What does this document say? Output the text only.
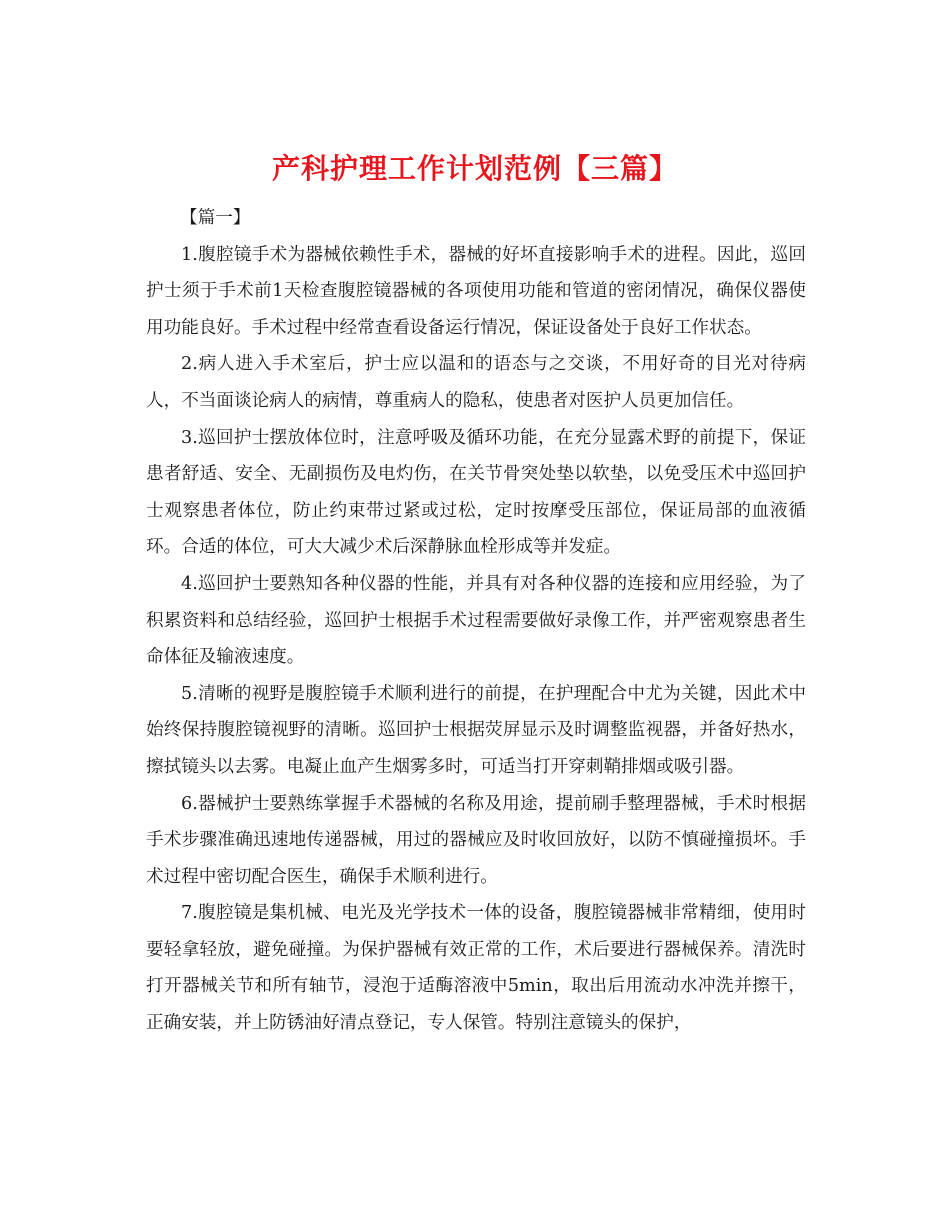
产科护理工作计划范例【三篇】

【篇一】

1.腹腔镜手术为器械依赖性手术，器械的好坏直接影响手术的进程。因此，巡回护士须于手术前1天检查腹腔镜器械的各项使用功能和管道的密闭情况，确保仪器使用功能良好。手术过程中经常查看设备运行情况，保证设备处于良好工作状态。

2.病人进入手术室后，护士应以温和的语态与之交谈，不用好奇的目光对待病人，不当面谈论病人的病情，尊重病人的隐私，使患者对医护人员更加信任。

3.巡回护士摆放体位时，注意呼吸及循环功能，在充分显露术野的前提下，保证患者舒适、安全、无副损伤及电灼伤，在关节骨突处垫以软垫，以免受压术中巡回护士观察患者体位，防止约束带过紧或过松，定时按摩受压部位，保证局部的血液循环。合适的体位，可大大减少术后深静脉血栓形成等并发症。

4.巡回护士要熟知各种仪器的性能，并具有对各种仪器的连接和应用经验，为了积累资料和总结经验，巡回护士根据手术过程需要做好录像工作，并严密观察患者生命体征及输液速度。

5.清晰的视野是腹腔镜手术顺利进行的前提，在护理配合中尤为关键，因此术中始终保持腹腔镜视野的清晰。巡回护士根据荧屏显示及时调整监视器，并备好热水，擦拭镜头以去雾。电凝止血产生烟雾多时，可适当打开穿刺鞘排烟或吸引器。

6.器械护士要熟练掌握手术器械的名称及用途，提前刷手整理器械，手术时根据手术步骤准确迅速地传递器械，用过的器械应及时收回放好，以防不慎碰撞损坏。手术过程中密切配合医生，确保手术顺利进行。

7.腹腔镜是集机械、电光及光学技术一体的设备，腹腔镜器械非常精细，使用时要轻拿轻放，避免碰撞。为保护器械有效正常的工作，术后要进行器械保养。清洗时打开器械关节和所有轴节，浸泡于适酶溶液中5min，取出后用流动水冲洗并擦干，正确安装，并上防锈油好清点登记，专人保管。特别注意镜头的保护，
